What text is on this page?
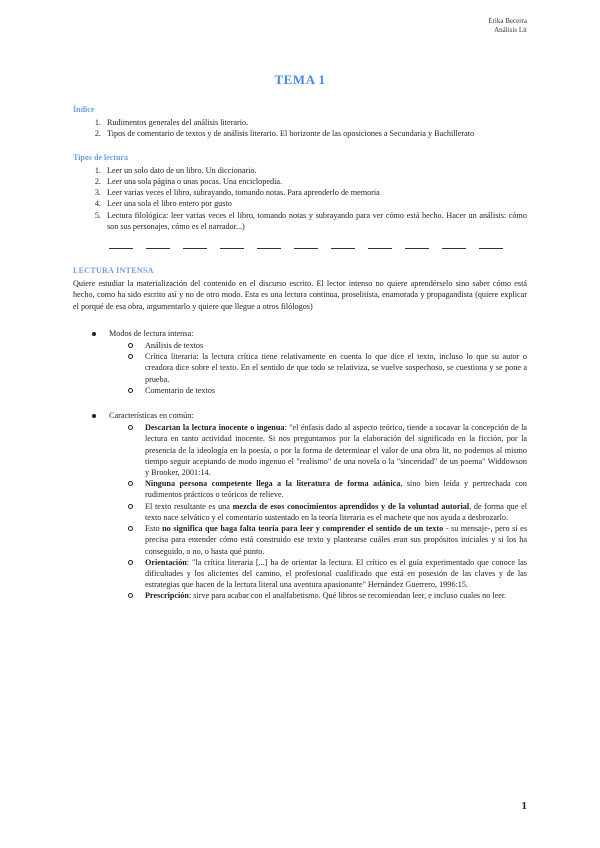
Erika Becerra
Análisis Lit
TEMA 1
Índice
1. Rudimentos generales del análisis literario.
2. Tipos de comentario de textos y de análisis literario. El horizonte de las oposiciones a Secundaria y Bachillerato
Tipos de lectura
1. Leer un solo dato de un libro. Un diccionario.
2. Leer una sola página o unas pocas. Una enciclopedia.
3. Leer varias veces el libro, subrayando, tomando notas. Para aprenderlo de memoria
4. Leer una sola el libro entero por gusto
5. Lectura filológica: leer varias veces el libro, tomando notas y subrayando para ver cómo está hecho. Hacer un análisis: cómo son sus personajes, cómo es el narrador...)
LECTURA INTENSA

Quiere estudiar la materialización del contenido en el discurso escrito. El lector intenso no quiere aprendérselo sino saber cómo está hecho, como ha sido escrito así y no de otro modo. Esta es una lectura continua, proselitista, enamorada y propagandista (quiere explicar el porqué de esa obra, argumentarlo y quiere que llegue a otros filólogos)

Modos de lectura intensa:
Análisis de textos
Crítica literaria: la lectura crítica tiene relativamente en cuenta lo que dice el texto, incluso lo que su autor o creadora dice sobre el texto. En el sentido de que todo se relativiza, se vuelve sospechoso, se cuestiona y se pone a prueba.
Comentario de textos
Características en común:
Descartan la lectura inocente o ingenua: "el énfasis dado al aspecto teórico, tiende a socavar la concepción de la lectura en tanto actividad inocente. Si nos preguntamos por la elaboración del significado en la ficción, por la presencia de la ideología en la poesía, o por la forma de determinar el valor de una obra lit, no podemos al mismo tiempo seguir aceptando de modo ingenuo el "realismo" de una novela o la "sinceridad" de un poema" Widdowson y Brooker, 2001:14.
Ninguna persona competente llega a la literatura de forma adánica, sino bien leída y pertrechada con rudimentos prácticos o teóricos de relieve.
El texto resultante es una mezcla de esos conocimientos aprendidos y de la voluntad autorial, de forma que el texto nace selvático y el comentario sustentado en la teoría literaria es el machete que nos ayuda a desbrozarlo.
Esto no significa que haga falta teoría para leer y comprender el sentido de un texto - su mensaje-, pero sí es precisa para entender cómo está construido ese texto y plantearse cuáles eran sus propósitos iniciales y si los ha conseguido, o no, o hasta qué punto.
Orientación: "la crítica literaria [...] ha de orientar la lectura. El crítico es el guía experimentado que conoce las dificultades y los alicientes del camino, el profesional cualificado que está en posesión de las claves y de las estrategias que hacen de la lectura literal una aventura apasionante" Hernández Guerrero, 1996:15.
Prescripción: sirve para acabar con el analfabetismo. Qué libros se recomiendan leer, e incluso cuales no leer.
1
